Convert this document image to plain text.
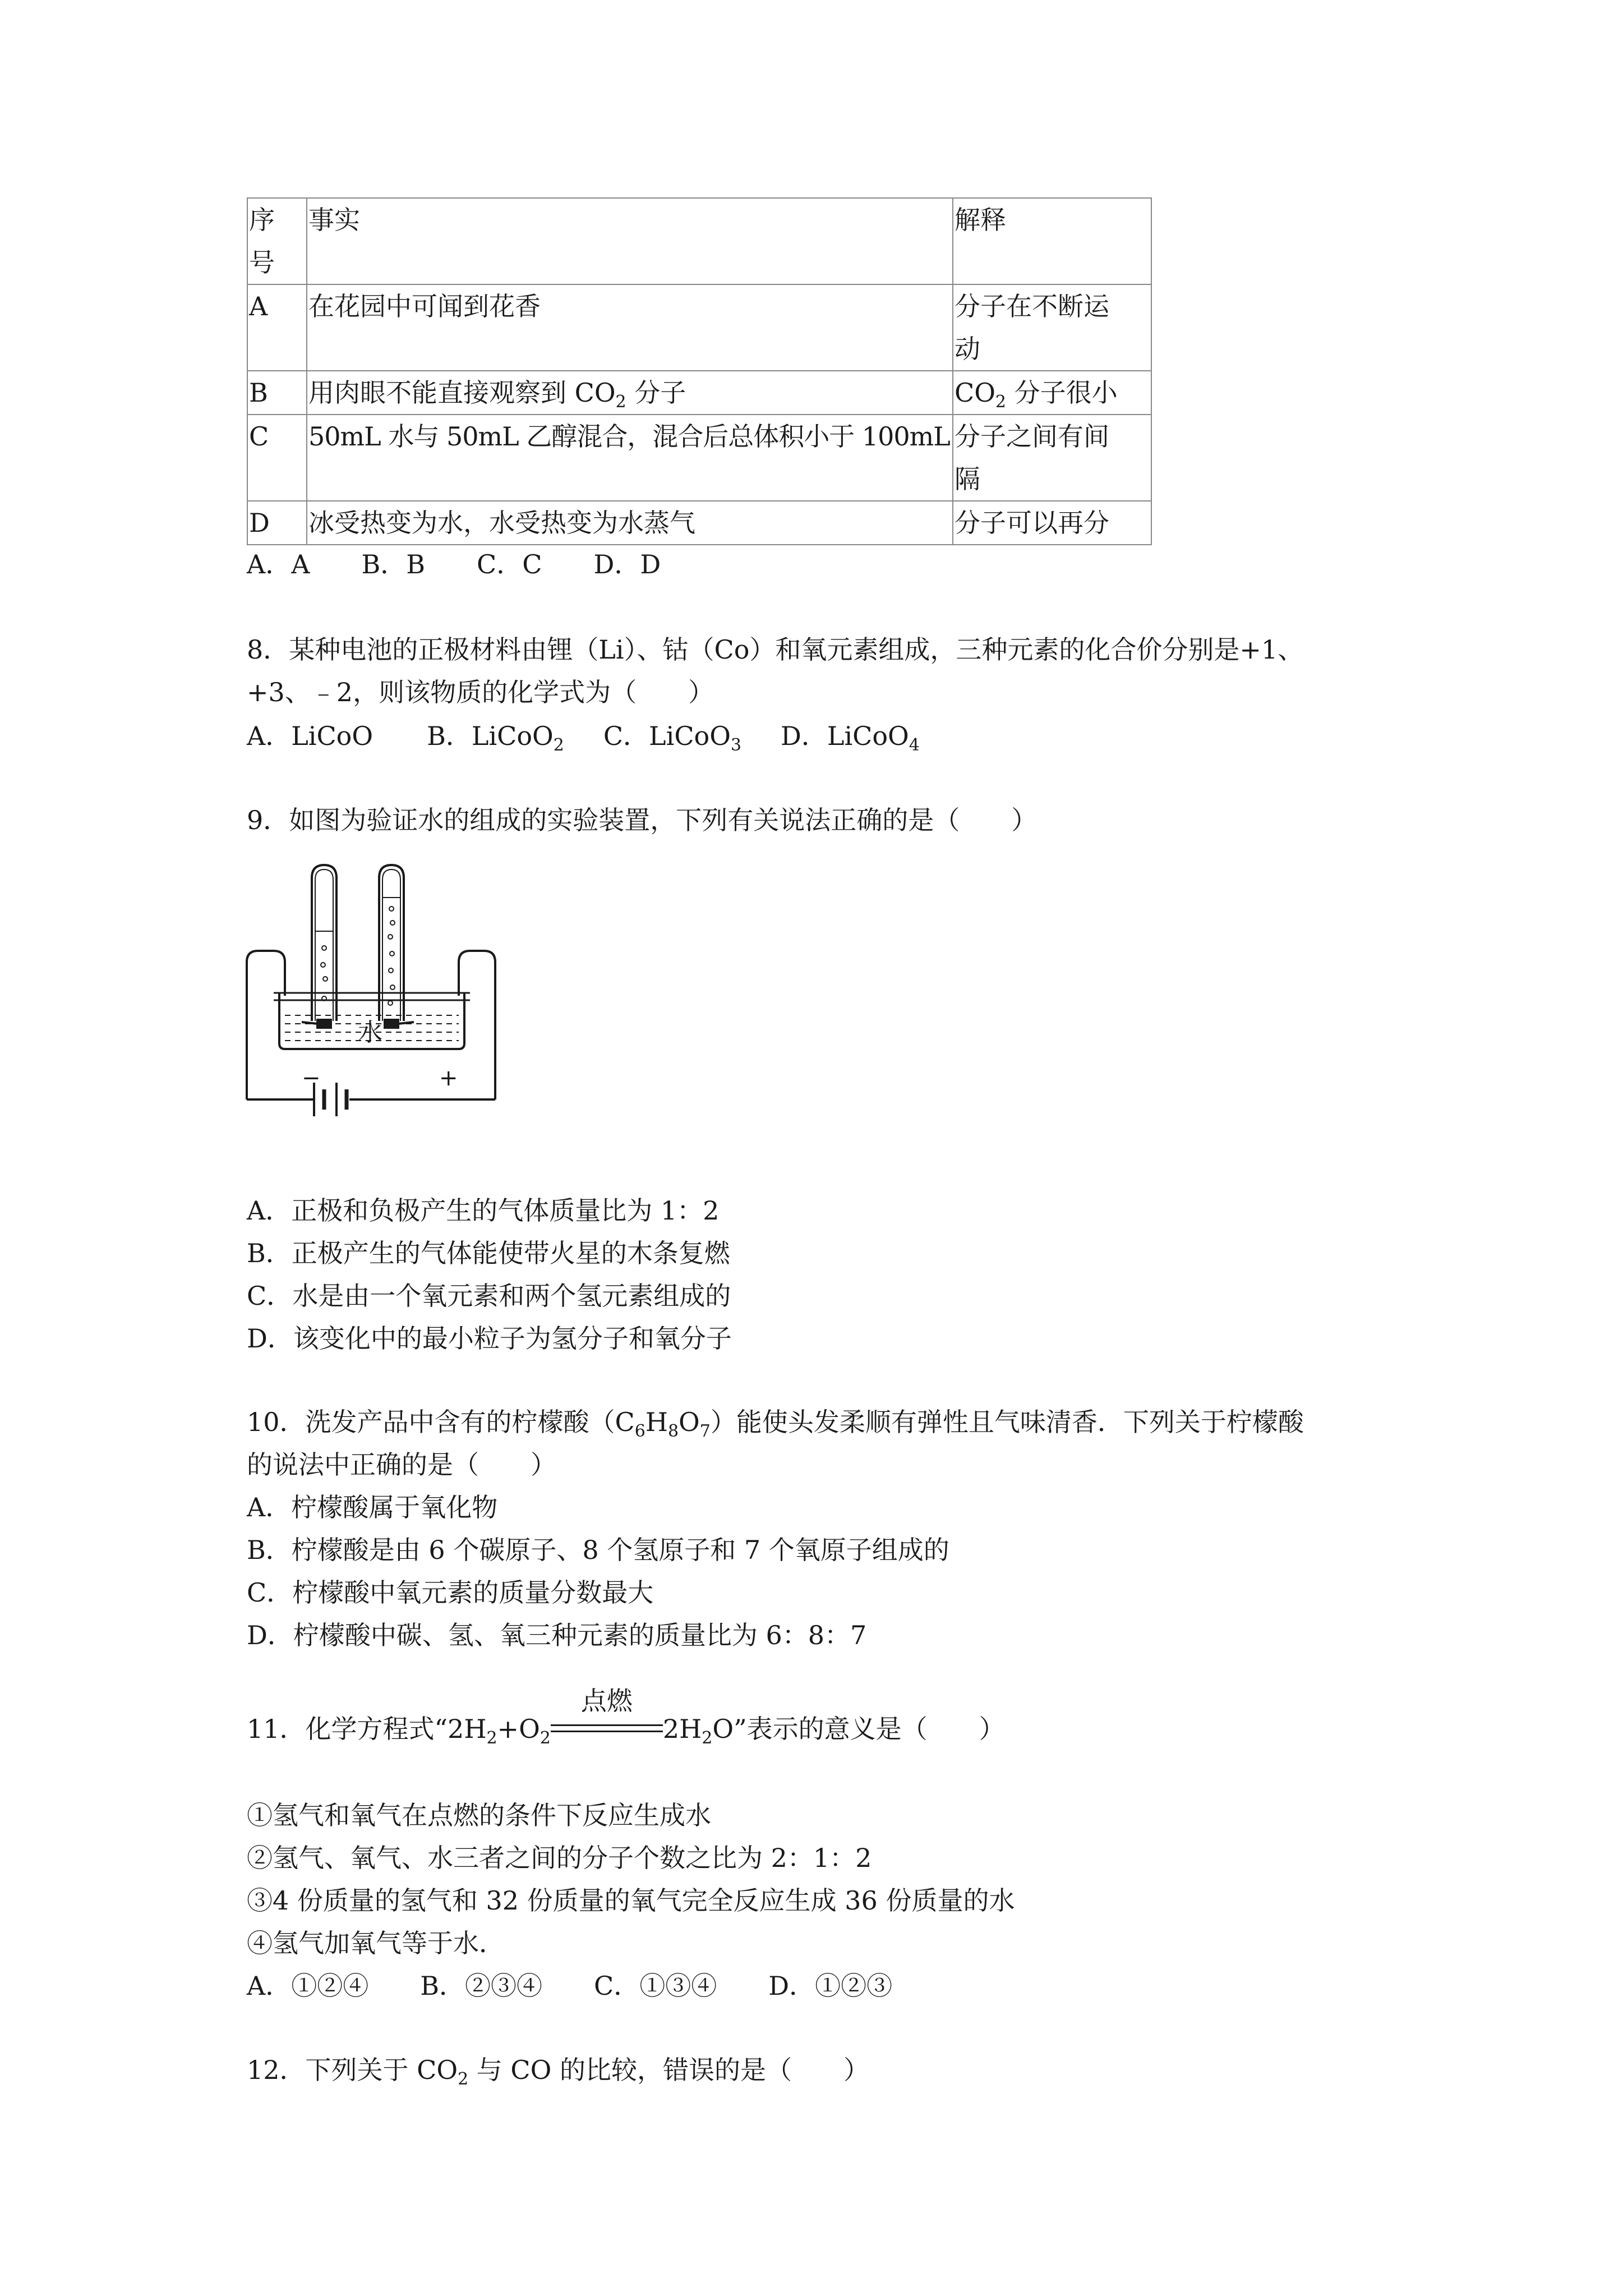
序
号	事实	解释
A	在花园中可闻到花香	分子在不断运
动
B	用肉眼不能直接观察到 $CO_2$ 分子	$CO_2$ 分子很小
C	50mL 水与 50mL 乙醇混合，混合后总体积小于 100mL	分子之间有间
隔
D	冰受热变为水，水受热变为水蒸气	分子可以再分
A．A　　B．B　　C．C　　D．D
8．某种电池的正极材料由锂（Li）、钴（Co）和氧元素组成，三种元素的化合价分别是+1、
+3、﹣2，则该物质的化学式为（　　）
A．LiCoO B．LiCoO$_2$ C．LiCoO$_3$ D．LiCoO$_4$
9．如图为验证水的组成的实验装置，下列有关说法正确的是（　　）
水
−	+
A．正极和负极产生的气体质量比为 1：2
B．正极产生的气体能使带火星的木条复燃
C．水是由一个氧元素和两个氢元素组成的
D．该变化中的最小粒子为氢分子和氧分子
10．洗发产品中含有的柠檬酸$(C_6H_8O_7)$能使头发柔顺有弹性且气味清香．下列关于柠檬酸
的说法中正确的是（　　）
A．柠檬酸属于氧化物
B．柠檬酸是由 6 个碳原子、8 个氢原子和 7 个氧原子组成的
C．柠檬酸中氧元素的质量分数最大
D．柠檬酸中碳、氢、氧三种元素的质量比为 6：8：7
11．化学方程式“$2H_2+O_2$
点燃
$2H_2O$”表示的意义是（　　）
①氢气和氧气在点燃的条件下反应生成水
②氢气、氧气、水三者之间的分子个数之比为 2：1：2
③4 份质量的氢气和 32 份质量的氧气完全反应生成 36 份质量的水
④氢气加氧气等于水．
A．①②④　　B．②③④　　C．①③④　　D．①②③
12．下列关于 $CO_2$ 与 CO 的比较，错误的是（　　）
